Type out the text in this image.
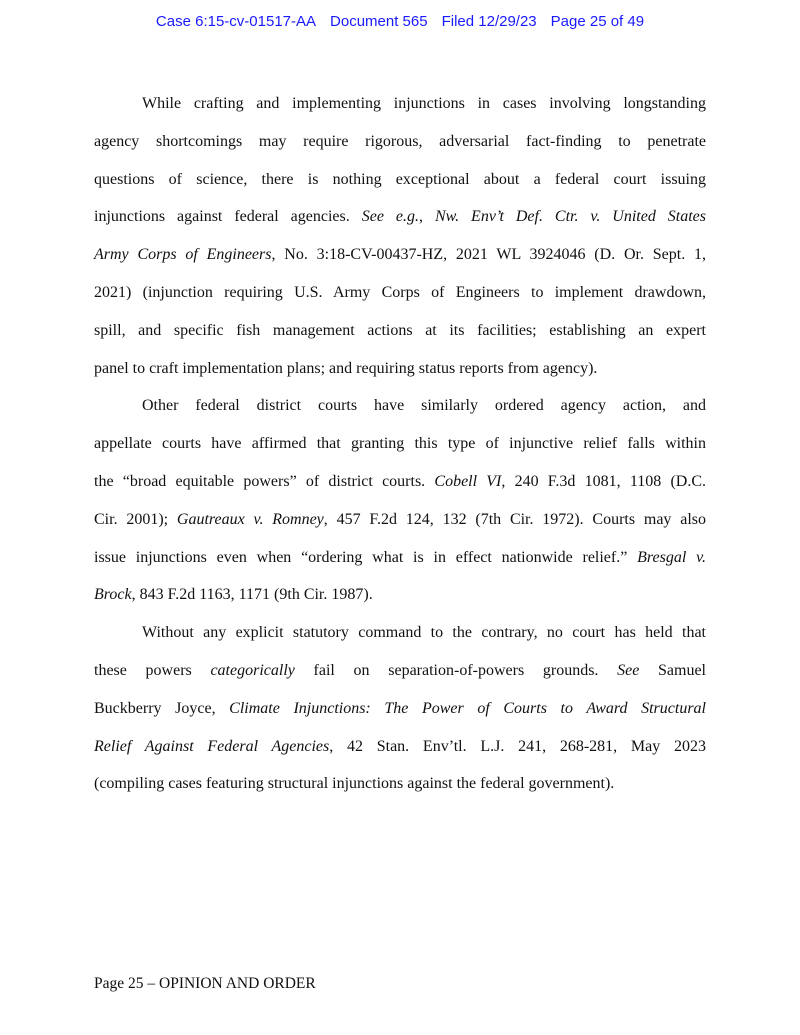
Case 6:15-cv-01517-AA Document 565 Filed 12/29/23 Page 25 of 49
While crafting and implementing injunctions in cases involving longstanding
agency shortcomings may require rigorous, adversarial fact-finding to penetrate
questions of science, there is nothing exceptional about a federal court issuing
injunctions against federal agencies. See e.g., Nw. Env’t Def. Ctr. v. United States
Army Corps of Engineers, No. 3:18-CV-00437-HZ, 2021 WL 3924046 (D. Or. Sept. 1,
2021) (injunction requiring U.S. Army Corps of Engineers to implement drawdown,
spill, and specific fish management actions at its facilities; establishing an expert
panel to craft implementation plans; and requiring status reports from agency).
Other federal district courts have similarly ordered agency action, and
appellate courts have affirmed that granting this type of injunctive relief falls within
the “broad equitable powers” of district courts. Cobell VI, 240 F.3d 1081, 1108 (D.C.
Cir. 2001); Gautreaux v. Romney, 457 F.2d 124, 132 (7th Cir. 1972). Courts may also
issue injunctions even when “ordering what is in effect nationwide relief.” Bresgal v.
Brock, 843 F.2d 1163, 1171 (9th Cir. 1987).
Without any explicit statutory command to the contrary, no court has held that
these powers categorically fail on separation-of-powers grounds. See Samuel
Buckberry Joyce, Climate Injunctions: The Power of Courts to Award Structural
Relief Against Federal Agencies, 42 Stan. Env’tl. L.J. 241, 268-281, May 2023
(compiling cases featuring structural injunctions against the federal government).
Page 25 – OPINION AND ORDER
